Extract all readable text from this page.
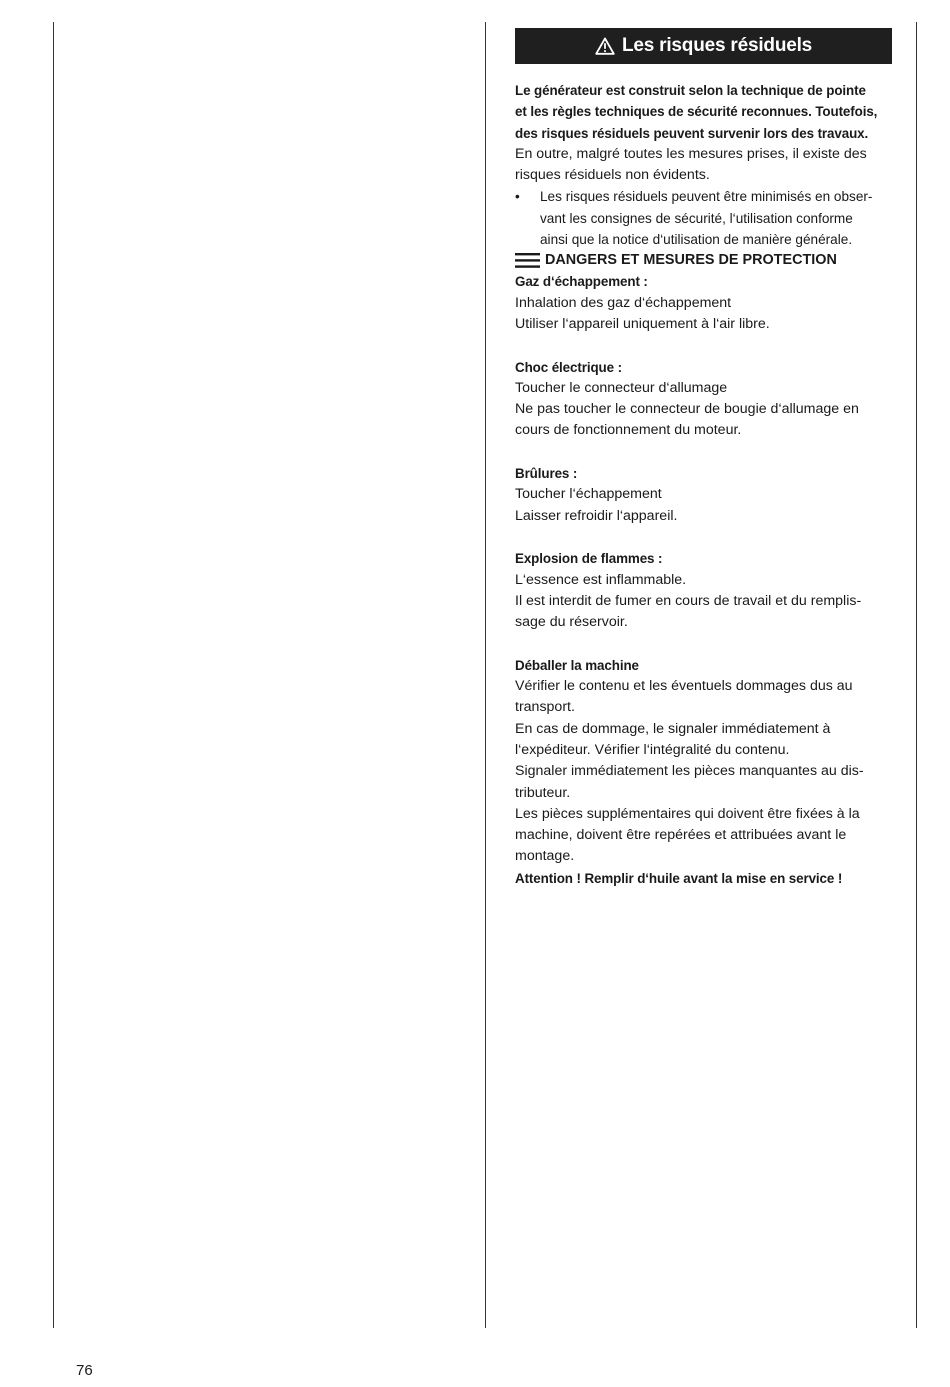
Les risques résiduels

Le générateur est construit selon la technique de pointe

et les règles techniques de sécurité reconnues. Toutefois,

des risques résiduels peuvent survenir lors des travaux.

En outre, malgré toutes les mesures prises, il existe des

risques résiduels non évidents.

•	Les risques résiduels peuvent être minimisés en obser-

vant les consignes de sécurité, l‘utilisation conforme

ainsi que la notice d‘utilisation de manière générale.

DANGERS ET MESURES DE PROTECTION

Gaz d‘échappement :

Inhalation des gaz d‘échappement

Utiliser l‘appareil uniquement à l‘air libre.

Choc électrique :

Toucher le connecteur d‘allumage

Ne pas toucher le connecteur de bougie d‘allumage en

cours de fonctionnement du moteur.

Brûlures :

Toucher l‘échappement

Laisser refroidir l‘appareil.

Explosion de flammes :

L‘essence est inflammable.

Il est interdit de fumer en cours de travail et du remplis-

sage du réservoir.

Déballer la machine

Vérifier le contenu et les éventuels dommages dus au

transport.

En cas de dommage, le signaler immédiatement à

l‘expéditeur. Vérifier l‘intégralité du contenu.

Signaler immédiatement les pièces manquantes au dis-

tributeur.

Les pièces supplémentaires qui doivent être fixées à la

machine, doivent être repérées et attribuées avant le

montage.

Attention ! Remplir d‘huile avant la mise en service !

76
